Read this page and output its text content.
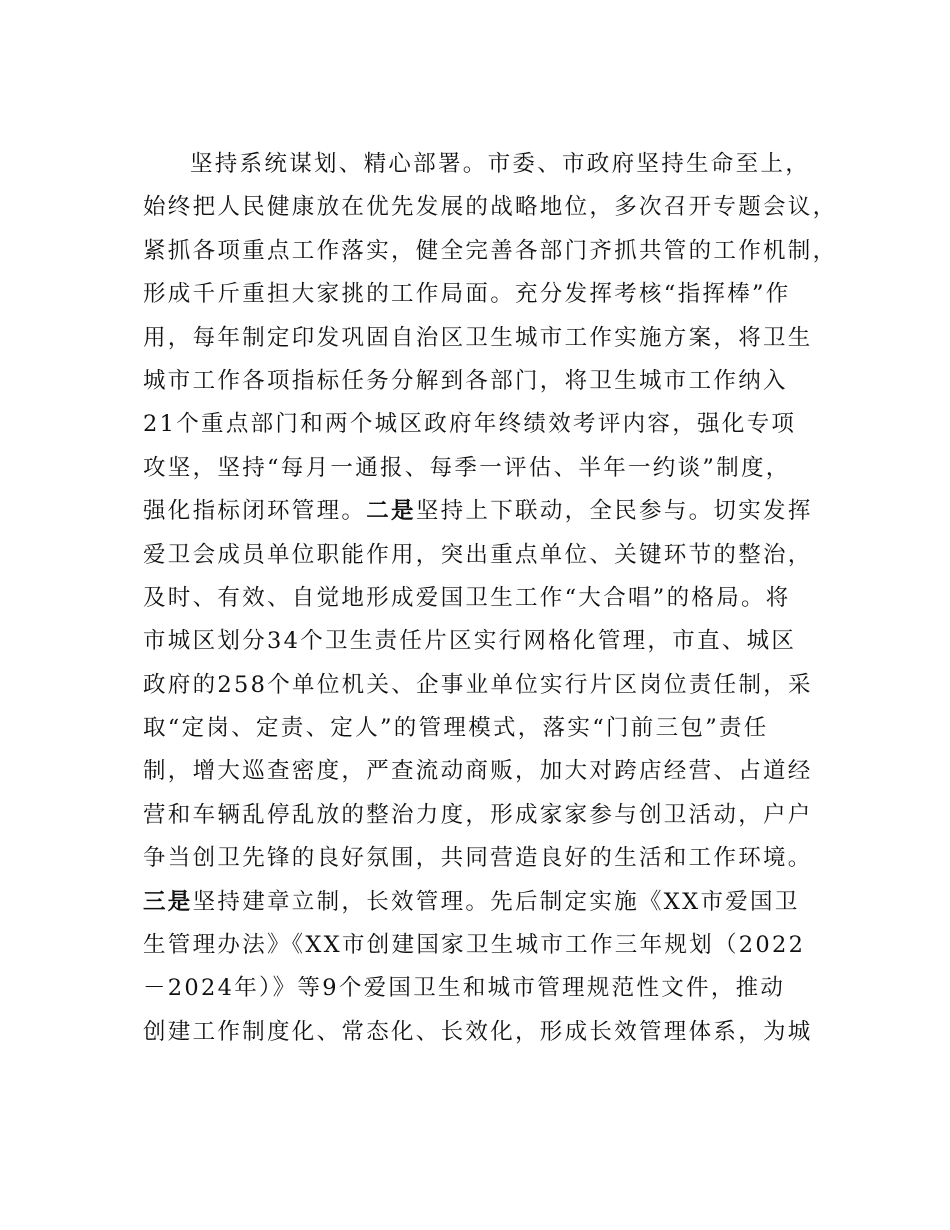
坚持系统谋划、精心部署。市委、市政府坚持生命至上，
始终把人民健康放在优先发展的战略地位，多次召开专题会议，
紧抓各项重点工作落实，健全完善各部门齐抓共管的工作机制，
形成千斤重担大家挑的工作局面。充分发挥考核“指挥棒”作
用，每年制定印发巩固自治区卫生城市工作实施方案，将卫生
城市工作各项指标任务分解到各部门，将卫生城市工作纳入
21个重点部门和两个城区政府年终绩效考评内容，强化专项
攻坚，坚持“每月一通报、每季一评估、半年一约谈”制度，
强化指标闭环管理。二是坚持上下联动，全民参与。切实发挥
爱卫会成员单位职能作用，突出重点单位、关键环节的整治，
及时、有效、自觉地形成爱国卫生工作“大合唱”的格局。将
市城区划分34个卫生责任片区实行网格化管理，市直、城区
政府的258个单位机关、企事业单位实行片区岗位责任制，采
取“定岗、定责、定人”的管理模式，落实“门前三包”责任
制，增大巡查密度，严查流动商贩，加大对跨店经营、占道经
营和车辆乱停乱放的整治力度，形成家家参与创卫活动，户户
争当创卫先锋的良好氛围，共同营造良好的生活和工作环境。
三是坚持建章立制，长效管理。先后制定实施《XX市爱国卫
生管理办法》《XX市创建国家卫生城市工作三年规划（2022
－2024年）》等9个爱国卫生和城市管理规范性文件，推动
创建工作制度化、常态化、长效化，形成长效管理体系，为城
